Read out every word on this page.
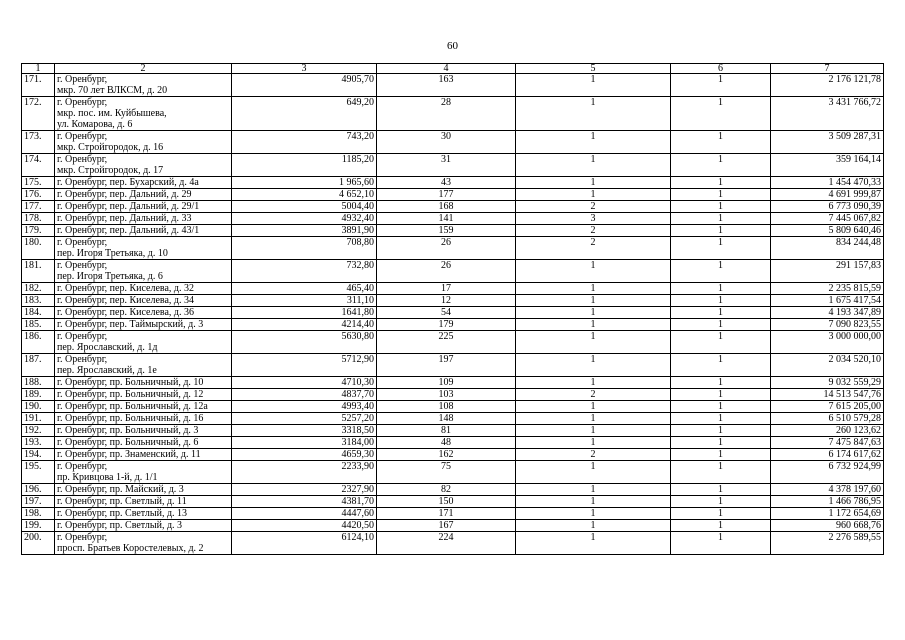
60
1	2	3	4	5	6	7
171.	г. Оренбург,
мкр. 70 лет ВЛКСМ, д. 20	4905,70	163	1	1	2 176 121,78
172.	г. Оренбург,
мкр. пос. им. Куйбышева,
ул. Комарова, д. 6	649,20	28	1	1	3 431 766,72
173.	г. Оренбург,
мкр. Стройгородок, д. 16	743,20	30	1	1	3 509 287,31
174.	г. Оренбург,
мкр. Стройгородок, д. 17	1185,20	31	1	1	359 164,14
175.	г. Оренбург, пер. Бухарский, д. 4а	1 965,60	43	1	1	1 454 470,33
176.	г. Оренбург, пер. Дальний, д. 29	4 652,10	177	1	1	4 691 999,87
177.	г. Оренбург, пер. Дальний, д. 29/1	5004,40	168	2	1	6 773 090,39
178.	г. Оренбург, пер. Дальний, д. 33	4932,40	141	3	1	7 445 067,82
179.	г. Оренбург, пер. Дальний, д. 43/1	3891,90	159	2	1	5 809 640,46
180.	г. Оренбург,
пер. Игоря Третьяка, д. 10	708,80	26	2	1	834 244,48
181.	г. Оренбург,
пер. Игоря Третьяка, д. 6	732,80	26	1	1	291 157,83
182.	г. Оренбург, пер. Киселева, д. 32	465,40	17	1	1	2 235 815,59
183.	г. Оренбург, пер. Киселева, д. 34	311,10	12	1	1	1 675 417,54
184.	г. Оренбург, пер. Киселева, д. 36	1641,80	54	1	1	4 193 347,89
185.	г. Оренбург, пер. Таймырский, д. 3	4214,40	179	1	1	7 090 823,55
186.	г. Оренбург,
пер. Ярославский, д. 1д	5630,80	225	1	1	3 000 000,00
187.	г. Оренбург,
пер. Ярославский, д. 1е	5712,90	197	1	1	2 034 520,10
188.	г. Оренбург, пр. Больничный, д. 10	4710,30	109	1	1	9 032 559,29
189.	г. Оренбург, пр. Больничный, д. 12	4837,70	103	2	1	14 513 547,76
190.	г. Оренбург, пр. Больничный, д. 12а	4993,40	108	1	1	7 615 205,00
191.	г. Оренбург, пр. Больничный, д. 16	5257,20	148	1	1	6 510 579,28
192.	г. Оренбург, пр. Больничный, д. 3	3318,50	81	1	1	260 123,62
193.	г. Оренбург, пр. Больничный, д. 6	3184,00	48	1	1	7 475 847,63
194.	г. Оренбург, пр. Знаменский, д. 11	4659,30	162	2	1	6 174 617,62
195.	г. Оренбург,
пр. Кривцова 1-й, д. 1/1	2233,90	75	1	1	6 732 924,99
196.	г. Оренбург, пр. Майский, д. 3	2327,90	82	1	1	4 378 197,60
197.	г. Оренбург, пр. Светлый, д. 11	4381,70	150	1	1	1 466 786,95
198.	г. Оренбург, пр. Светлый, д. 13	4447,60	171	1	1	1 172 654,69
199.	г. Оренбург, пр. Светлый, д. 3	4420,50	167	1	1	960 668,76
200.	г. Оренбург,
просп. Братьев Коростелевых, д. 2	6124,10	224	1	1	2 276 589,55
